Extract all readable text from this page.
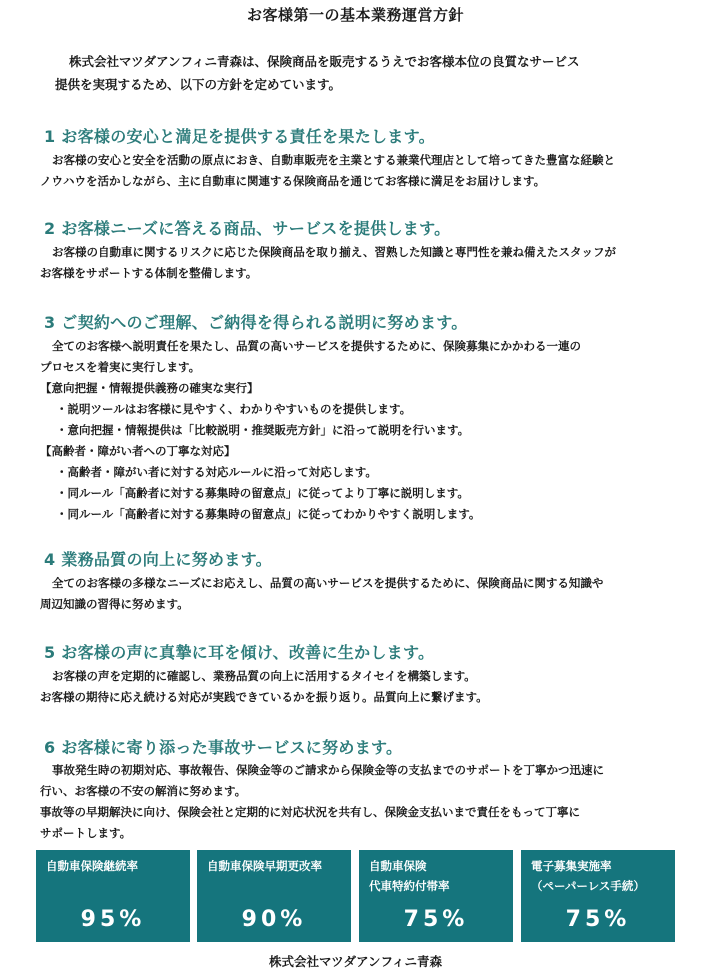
お客様第一の基本業務運営方針
株式会社マツダアンフィニ青森は、保険商品を販売するうえでお客様本位の良質なサービス
提供を実現するため、以下の方針を定めています。
1 お客様の安心と満足を提供する責任を果たします。
お客様の安心と安全を活動の原点におき、自動車販売を主業とする兼業代理店として培ってきた豊富な経験と
ノウハウを活かしながら、主に自動車に関連する保険商品を通じてお客様に満足をお届けします。
2 お客様ニーズに答える商品、サービスを提供します。
お客様の自動車に関するリスクに応じた保険商品を取り揃え、習熟した知識と専門性を兼ね備えたスタッフが
お客様をサポートする体制を整備します。
3 ご契約へのご理解、ご納得を得られる説明に努めます。
全てのお客様へ説明責任を果たし、品質の高いサービスを提供するために、保険募集にかかわる一連の
プロセスを着実に実行します。
【意向把握・情報提供義務の確実な実行】
・説明ツールはお客様に見やすく、わかりやすいものを提供します。
・意向把握・情報提供は「比較説明・推奨販売方針」に沿って説明を行います。
【高齢者・障がい者への丁寧な対応】
・高齢者・障がい者に対する対応ルールに沿って対応します。
・同ルール「高齢者に対する募集時の留意点」に従ってより丁寧に説明します。
・同ルール「高齢者に対する募集時の留意点」に従ってわかりやすく説明します。
4 業務品質の向上に努めます。
全てのお客様の多様なニーズにお応えし、品質の高いサービスを提供するために、保険商品に関する知識や
周辺知識の習得に努めます。
5 お客様の声に真摯に耳を傾け、改善に生かします。
お客様の声を定期的に確認し、業務品質の向上に活用するタイセイを構築します。
お客様の期待に応え続ける対応が実践できているかを振り返り。品質向上に繋げます。
6 お客様に寄り添った事故サービスに努めます。
事故発生時の初期対応、事故報告、保険金等のご請求から保険金等の支払までのサポートを丁寧かつ迅速に
行い、お客様の不安の解消に努めます。
事故等の早期解決に向け、保険会社と定期的に対応状況を共有し、保険金支払いまで責任をもって丁寧に
サポートします。
自動車保険継続率
95%
自動車保険早期更改率
90%
自動車保険
代車特約付帯率
75%
電子募集実施率
（ペーパーレス手続）
75%
株式会社マツダアンフィニ青森
